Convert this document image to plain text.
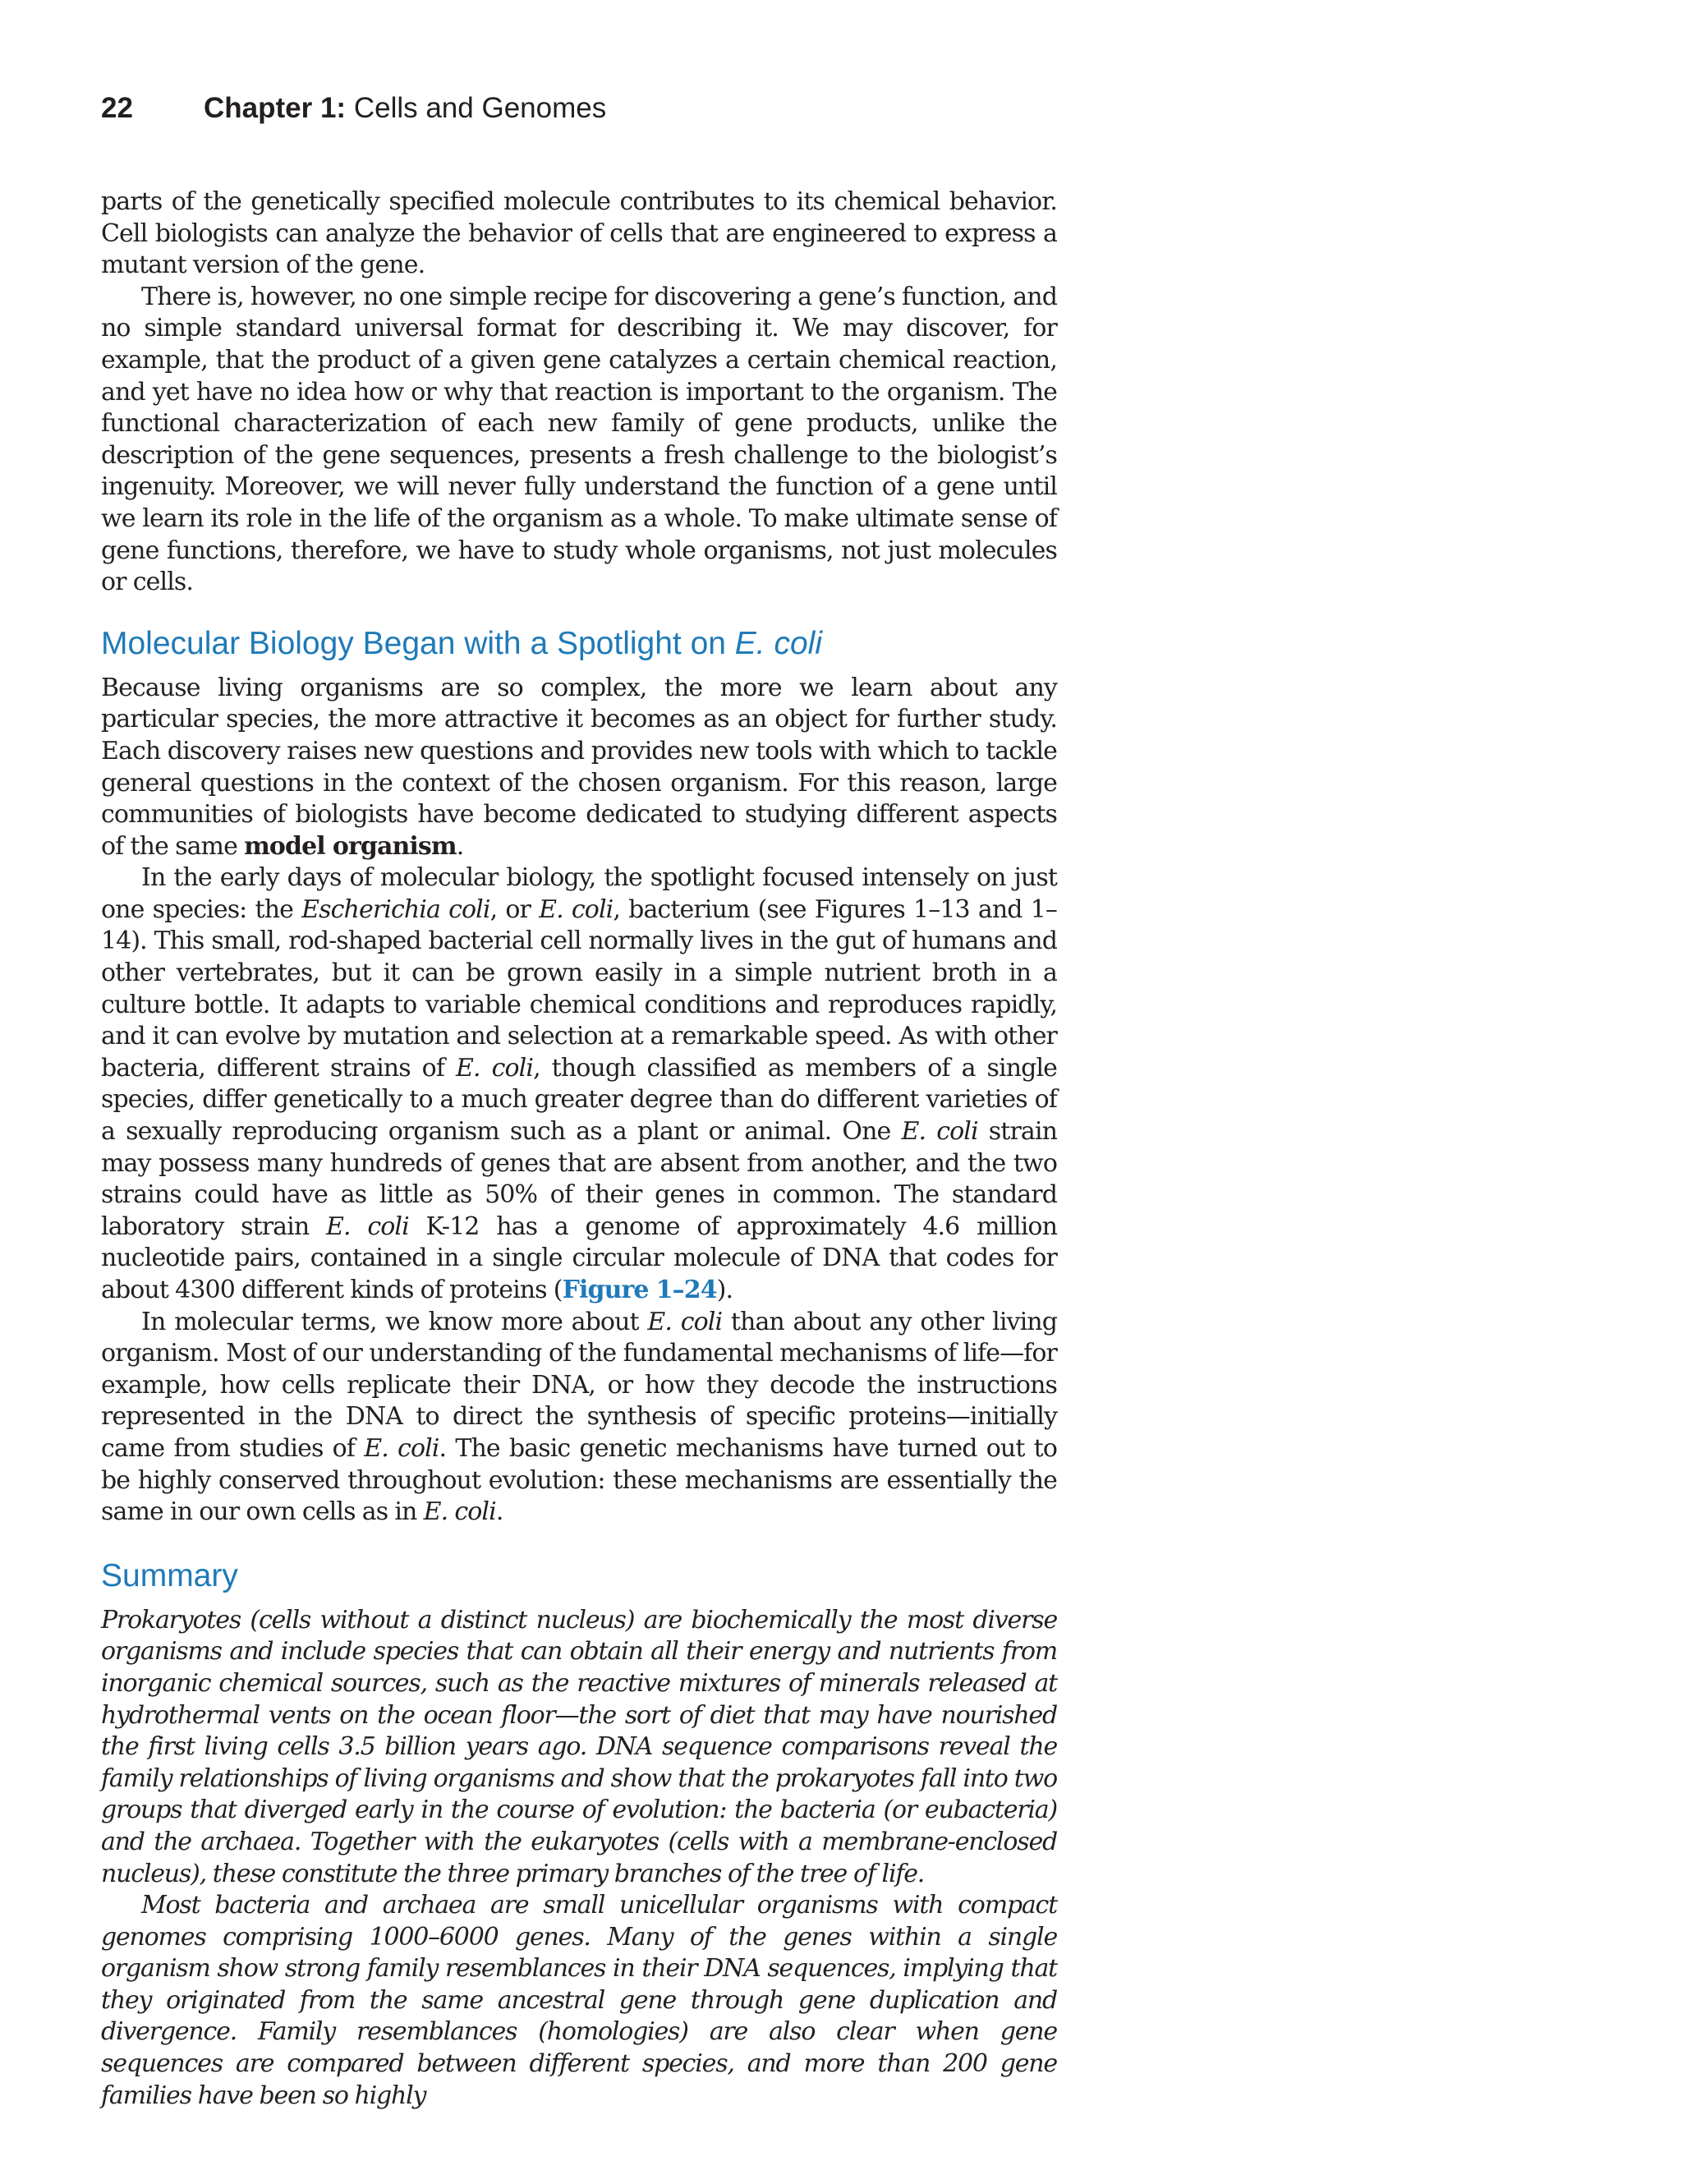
22 Chapter 1: Cells and Genomes

parts of the genetically specified molecule contributes to its chemical behavior. Cell biologists can analyze the behavior of cells that are engineered to express a mutant version of the gene.

There is, however, no one simple recipe for discovering a gene’s function, and no simple standard universal format for describing it. We may discover, for example, that the product of a given gene catalyzes a certain chemical reaction, and yet have no idea how or why that reaction is important to the organism. The functional characterization of each new family of gene products, unlike the description of the gene sequences, presents a fresh challenge to the biologist’s ingenuity. Moreover, we will never fully understand the function of a gene until we learn its role in the life of the organism as a whole. To make ultimate sense of gene functions, therefore, we have to study whole organisms, not just molecules or cells.

Molecular Biology Began with a Spotlight on E. coli

Because living organisms are so complex, the more we learn about any particular species, the more attractive it becomes as an object for further study. Each discovery raises new questions and provides new tools with which to tackle general questions in the context of the chosen organism. For this reason, large communities of biologists have become dedicated to studying different aspects of the same model organism.

In the early days of molecular biology, the spotlight focused intensely on just one species: the Escherichia coli, or E. coli, bacterium (see Figures 1–13 and 1–14). This small, rod-shaped bacterial cell normally lives in the gut of humans and other vertebrates, but it can be grown easily in a simple nutrient broth in a culture bottle. It adapts to variable chemical conditions and reproduces rapidly, and it can evolve by mutation and selection at a remarkable speed. As with other bacteria, different strains of E. coli, though classified as members of a single species, differ genetically to a much greater degree than do different varieties of a sexually reproducing organism such as a plant or animal. One E. coli strain may possess many hundreds of genes that are absent from another, and the two strains could have as little as 50% of their genes in common. The standard laboratory strain E. coli K-12 has a genome of approximately 4.6 million nucleotide pairs, contained in a single circular molecule of DNA that codes for about 4300 different kinds of proteins (Figure 1–24).

In molecular terms, we know more about E. coli than about any other living organism. Most of our understanding of the fundamental mechanisms of life—for example, how cells replicate their DNA, or how they decode the instructions represented in the DNA to direct the synthesis of specific proteins—initially came from studies of E. coli. The basic genetic mechanisms have turned out to be highly conserved throughout evolution: these mechanisms are essentially the same in our own cells as in E. coli.

Summary

Prokaryotes (cells without a distinct nucleus) are biochemically the most diverse organisms and include species that can obtain all their energy and nutrients from inorganic chemical sources, such as the reactive mixtures of minerals released at hydrothermal vents on the ocean floor—the sort of diet that may have nourished the first living cells 3.5 billion years ago. DNA sequence comparisons reveal the family relationships of living organisms and show that the prokaryotes fall into two groups that diverged early in the course of evolution: the bacteria (or eubacteria) and the archaea. Together with the eukaryotes (cells with a membrane-enclosed nucleus), these constitute the three primary branches of the tree of life.

Most bacteria and archaea are small unicellular organisms with compact genomes comprising 1000–6000 genes. Many of the genes within a single organism show strong family resemblances in their DNA sequences, implying that they originated from the same ancestral gene through gene duplication and divergence. Family resemblances (homologies) are also clear when gene sequences are compared between different species, and more than 200 gene families have been so highly
